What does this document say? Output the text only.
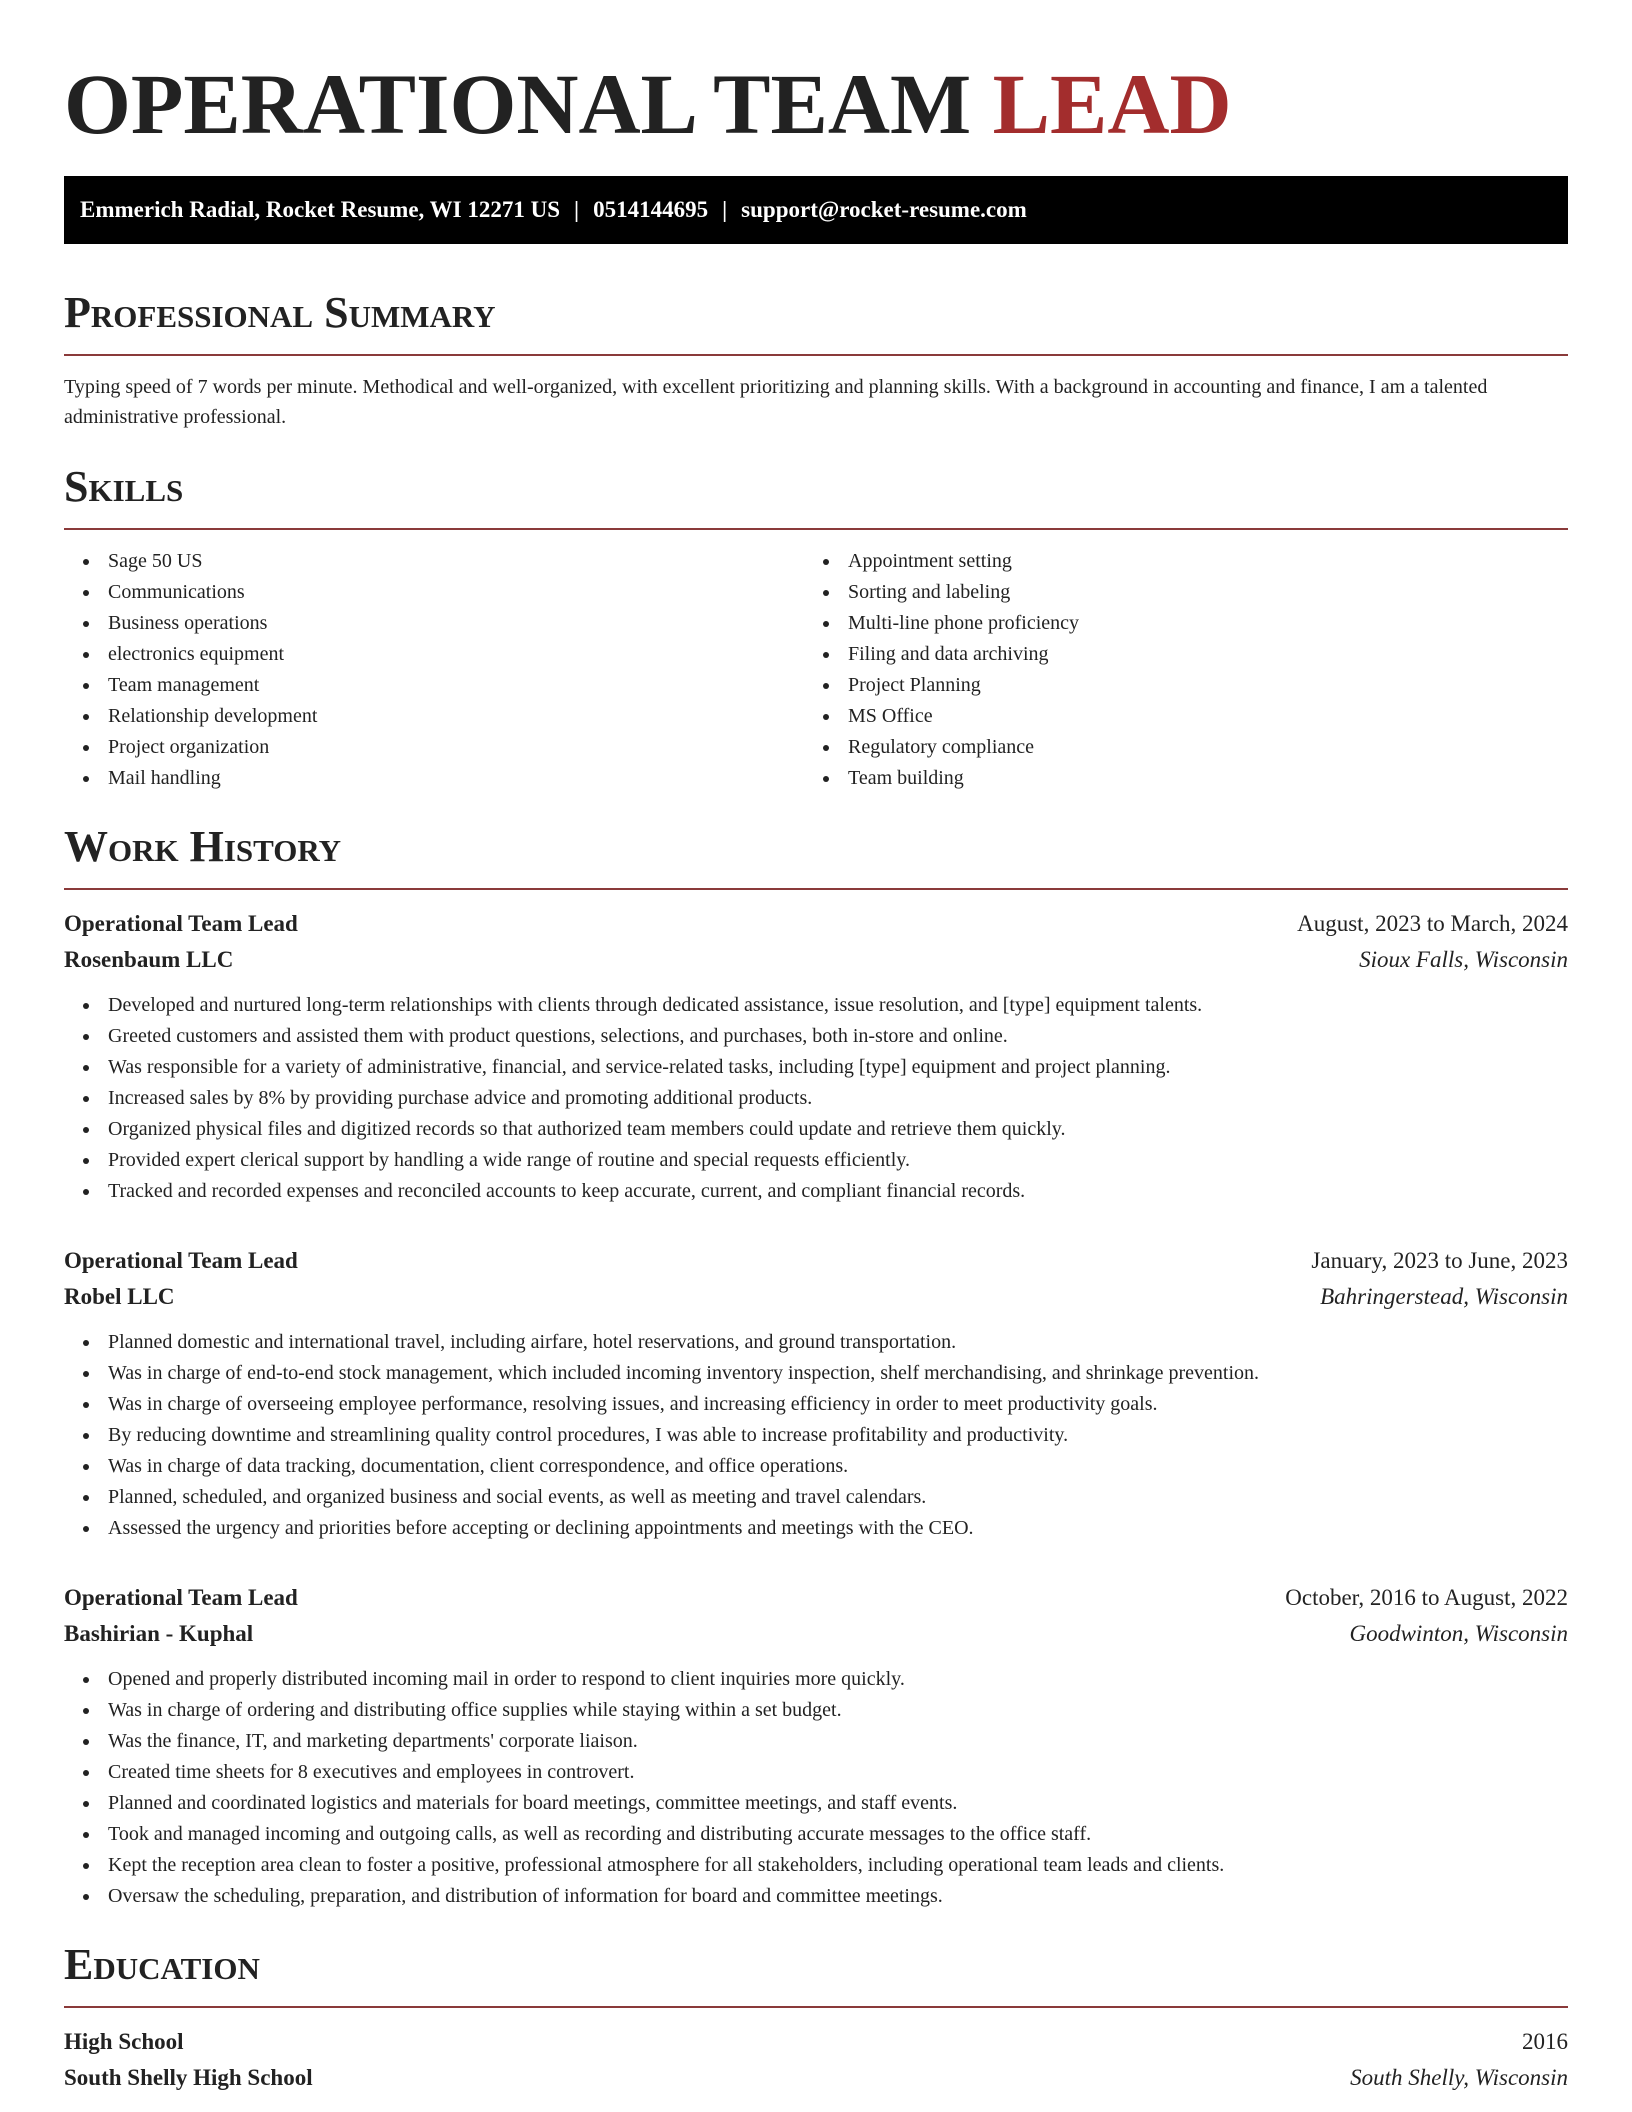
OPERATIONAL TEAM LEAD
Emmerich Radial, Rocket Resume, WI 12271 US | 0514144695 | support@rocket-resume.com
Professional Summary
Typing speed of 7 words per minute. Methodical and well-organized, with excellent prioritizing and planning skills. With a background in accounting and finance, I am a talented administrative professional.
Skills
Sage 50 US
Communications
Business operations
electronics equipment
Team management
Relationship development
Project organization
Mail handling
Appointment setting
Sorting and labeling
Multi-line phone proficiency
Filing and data archiving
Project Planning
MS Office
Regulatory compliance
Team building
Work History
Operational Team Lead	August, 2023 to March, 2024
Rosenbaum LLC	Sioux Falls, Wisconsin
Developed and nurtured long-term relationships with clients through dedicated assistance, issue resolution, and [type] equipment talents.
Greeted customers and assisted them with product questions, selections, and purchases, both in-store and online.
Was responsible for a variety of administrative, financial, and service-related tasks, including [type] equipment and project planning.
Increased sales by 8% by providing purchase advice and promoting additional products.
Organized physical files and digitized records so that authorized team members could update and retrieve them quickly.
Provided expert clerical support by handling a wide range of routine and special requests efficiently.
Tracked and recorded expenses and reconciled accounts to keep accurate, current, and compliant financial records.
Operational Team Lead	January, 2023 to June, 2023
Robel LLC	Bahringerstead, Wisconsin
Planned domestic and international travel, including airfare, hotel reservations, and ground transportation.
Was in charge of end-to-end stock management, which included incoming inventory inspection, shelf merchandising, and shrinkage prevention.
Was in charge of overseeing employee performance, resolving issues, and increasing efficiency in order to meet productivity goals.
By reducing downtime and streamlining quality control procedures, I was able to increase profitability and productivity.
Was in charge of data tracking, documentation, client correspondence, and office operations.
Planned, scheduled, and organized business and social events, as well as meeting and travel calendars.
Assessed the urgency and priorities before accepting or declining appointments and meetings with the CEO.
Operational Team Lead	October, 2016 to August, 2022
Bashirian - Kuphal	Goodwinton, Wisconsin
Opened and properly distributed incoming mail in order to respond to client inquiries more quickly.
Was in charge of ordering and distributing office supplies while staying within a set budget.
Was the finance, IT, and marketing departments' corporate liaison.
Created time sheets for 8 executives and employees in controvert.
Planned and coordinated logistics and materials for board meetings, committee meetings, and staff events.
Took and managed incoming and outgoing calls, as well as recording and distributing accurate messages to the office staff.
Kept the reception area clean to foster a positive, professional atmosphere for all stakeholders, including operational team leads and clients.
Oversaw the scheduling, preparation, and distribution of information for board and committee meetings.
Education
High School	2016
South Shelly High School	South Shelly, Wisconsin
